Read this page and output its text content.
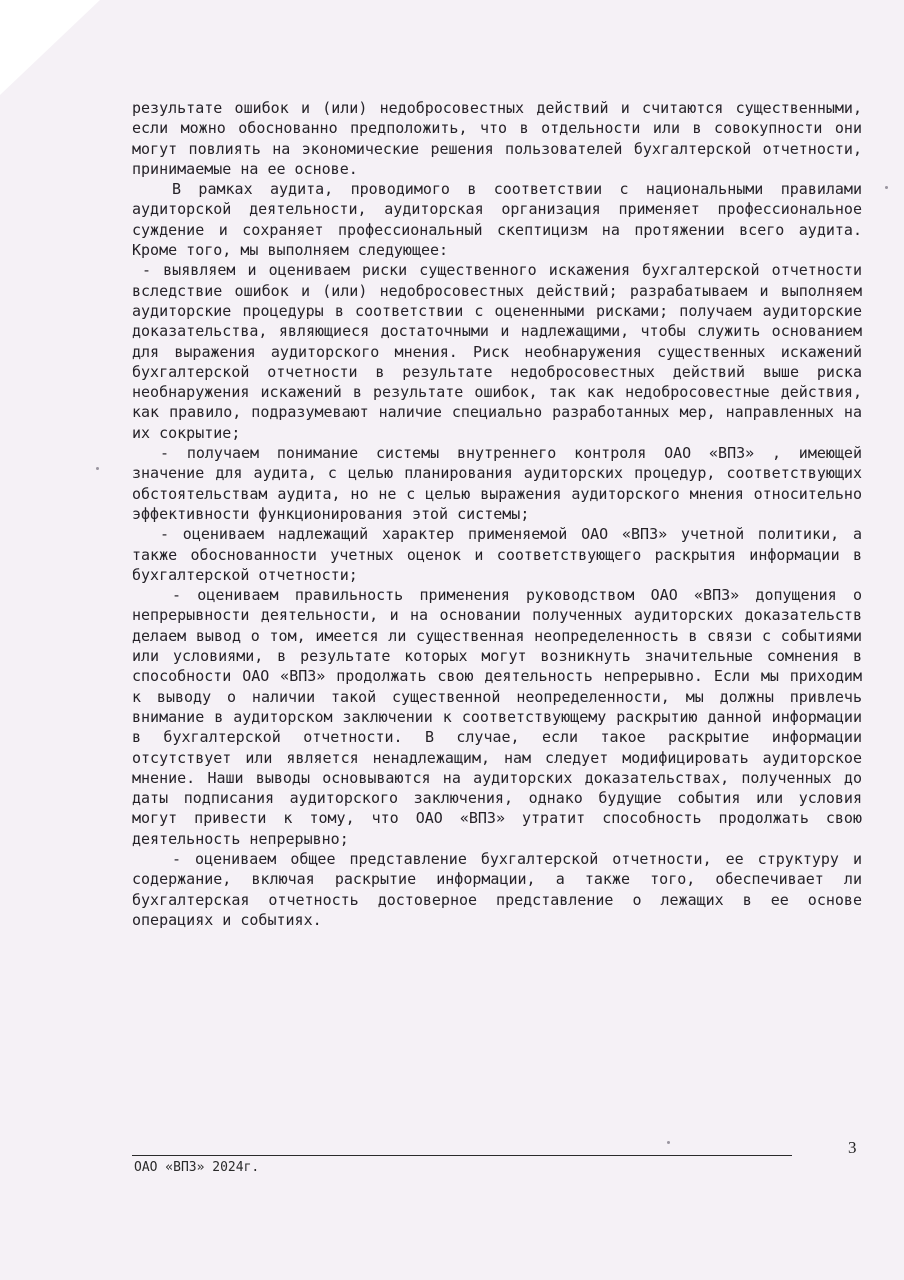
результате ошибок и (или) недобросовестных действий и считаются существенными, если можно обоснованно предположить, что в отдельности или в совокупности они могут повлиять на экономические решения пользователей бухгалтерской отчетности, принимаемые на ее основе.

В рамках аудита, проводимого в соответствии с национальными правилами аудиторской деятельности, аудиторская организация применяет профессиональное суждение и сохраняет профессиональный скептицизм на протяжении всего аудита. Кроме того, мы выполняем следующее:

- выявляем и оцениваем риски существенного искажения бухгалтерской отчетности вследствие ошибок и (или) недобросовестных действий; разрабатываем и выполняем аудиторские процедуры в соответствии с оцененными рисками; получаем аудиторские доказательства, являющиеся достаточными и надлежащими, чтобы служить основанием для выражения аудиторского мнения. Риск необнаружения существенных искажений бухгалтерской отчетности в результате недобросовестных действий выше риска необнаружения искажений в результате ошибок, так как недобросовестные действия, как правило, подразумевают наличие специально разработанных мер, направленных на их сокрытие;

- получаем понимание системы внутреннего контроля ОАО «ВПЗ» , имеющей значение для аудита, с целью планирования аудиторских процедур, соответствующих обстоятельствам аудита, но не с целью выражения аудиторского мнения относительно эффективности функционирования этой системы;

- оцениваем надлежащий характер применяемой ОАО «ВПЗ» учетной политики, а также обоснованности учетных оценок и соответствующего раскрытия информации в бухгалтерской отчетности;

- оцениваем правильность применения руководством ОАО «ВПЗ» допущения о непрерывности деятельности, и на основании полученных аудиторских доказательств делаем вывод о том, имеется ли существенная неопределенность в связи с событиями или условиями, в результате которых могут возникнуть значительные сомнения в способности ОАО «ВПЗ» продолжать свою деятельность непрерывно. Если мы приходим к выводу о наличии такой существенной неопределенности, мы должны привлечь внимание в аудиторском заключении к соответствующему раскрытию данной информации в бухгалтерской отчетности. В случае, если такое раскрытие информации отсутствует или является ненадлежащим, нам следует модифицировать аудиторское мнение. Наши выводы основываются на аудиторских доказательствах, полученных до даты подписания аудиторского заключения, однако будущие события или условия могут привести к тому, что ОАО «ВПЗ» утратит способность продолжать свою деятельность непрерывно;

- оцениваем общее представление бухгалтерской отчетности, ее структуру и содержание, включая раскрытие информации, а также того, обеспечивает ли бухгалтерская отчетность достоверное представление о лежащих в ее основе операциях и событиях.

3
ОАО «ВПЗ» 2024г.
